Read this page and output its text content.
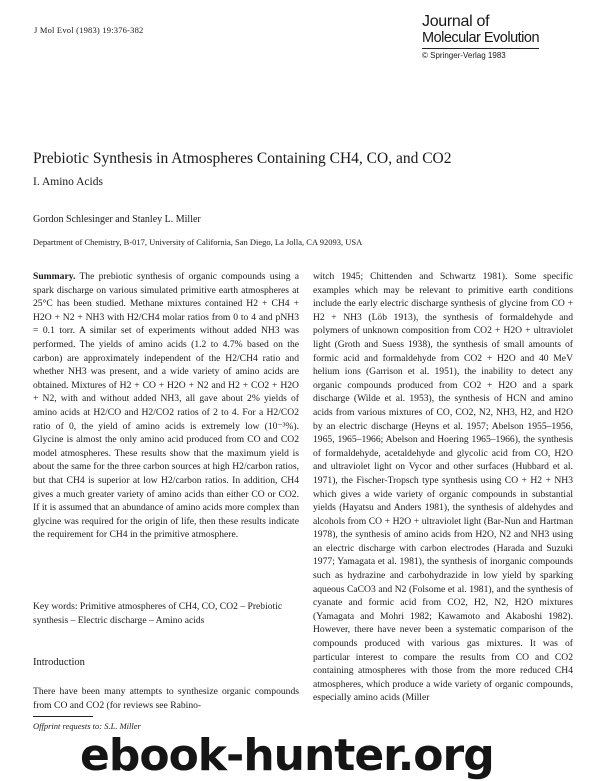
J Mol Evol (1983) 19:376-382	Journal of
Molecular Evolution
© Springer-Verlag 1983
Prebiotic Synthesis in Atmospheres Containing CH4, CO, and CO2
I. Amino Acids
Gordon Schlesinger and Stanley L. Miller
Department of Chemistry, B-017, University of California, San Diego, La Jolla, CA 92093, USA

Summary. The prebiotic synthesis of organic compounds using a spark discharge on various simulated primitive earth atmospheres at 25°C has been studied. Methane mixtures contained H2 + CH4 + H2O + N2 + NH3 with H2/CH4 molar ratios from 0 to 4 and pNH3 = 0.1 torr. A similar set of experiments without added NH3 was performed. The yields of amino acids (1.2 to 4.7% based on the carbon) are approximately independent of the H2/CH4 ratio and whether NH3 was present, and a wide variety of amino acids are obtained. Mixtures of H2 + CO + H2O + N2 and H2 + CO2 + H2O + N2, with and without added NH3, all gave about 2% yields of amino acids at H2/CO and H2/CO2 ratios of 2 to 4. For a H2/CO2 ratio of 0, the yield of amino acids is extremely low (10⁻³%). Glycine is almost the only amino acid produced from CO and CO2 model atmospheres. These results show that the maximum yield is about the same for the three carbon sources at high H2/carbon ratios, but that CH4 is superior at low H2/carbon ratios. In addition, CH4 gives a much greater variety of amino acids than either CO or CO2. If it is assumed that an abundance of amino acids more complex than glycine was required for the origin of life, then these results indicate the requirement for CH4 in the primitive atmosphere.

Key words: Primitive atmospheres of CH4, CO, CO2 – Prebiotic synthesis – Electric discharge – Amino acids
Introduction
There have been many attempts to synthesize organic compounds from CO and CO2 (for reviews see Rabino-
Offprint requests to: S.L. Miller

witch 1945; Chittenden and Schwartz 1981). Some specific examples which may be relevant to primitive earth conditions include the early electric discharge synthesis of glycine from CO + H2 + NH3 (Löb 1913), the synthesis of formaldehyde and polymers of unknown composition from CO2 + H2O + ultraviolet light (Groth and Suess 1938), the synthesis of small amounts of formic acid and formaldehyde from CO2 + H2O and 40 MeV helium ions (Garrison et al. 1951), the inability to detect any organic compounds produced from CO2 + H2O and a spark discharge (Wilde et al. 1953), the synthesis of HCN and amino acids from various mixtures of CO, CO2, N2, NH3, H2, and H2O by an electric discharge (Heyns et al. 1957; Abelson 1955–1956, 1965, 1965–1966; Abelson and Hoering 1965–1966), the synthesis of formaldehyde, acetaldehyde and glycolic acid from CO, H2O and ultraviolet light on Vycor and other surfaces (Hubbard et al. 1971), the Fischer-Tropsch type synthesis using CO + H2 + NH3 which gives a wide variety of organic compounds in substantial yields (Hayatsu and Anders 1981), the synthesis of aldehydes and alcohols from CO + H2O + ultraviolet light (Bar-Nun and Hartman 1978), the synthesis of amino acids from H2O, N2 and NH3 using an electric discharge with carbon electrodes (Harada and Suzuki 1977; Yamagata et al. 1981), the synthesis of inorganic compounds such as hydrazine and carbohydrazide in low yield by sparking aqueous CaCO3 and N2 (Folsome et al. 1981), and the synthesis of cyanate and formic acid from CO2, H2, N2, H2O mixtures (Yamagata and Mohri 1982; Kawamoto and Akaboshi 1982). However, there have never been a systematic comparison of the compounds produced with various gas mixtures. It was of particular interest to compare the results from CO and CO2 containing atmospheres with those from the more reduced CH4 atmospheres, which produce a wide variety of organic compounds, especially amino acids (Miller

ebook-hunter.org
